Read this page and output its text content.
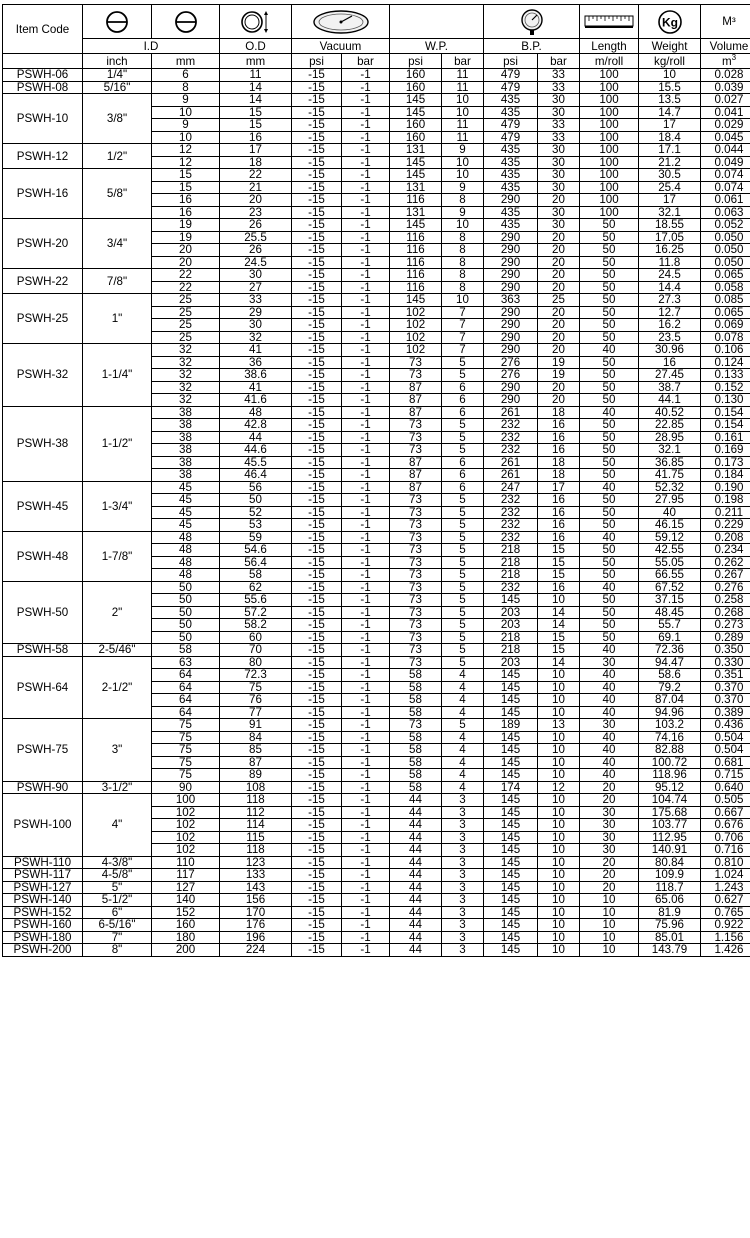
Item Code											Kg	M³
	I.D		O.D	Vacuum		W.P.		B.P.		Length	Weight	Volume
	inch	mm	mm	psi	bar	psi	bar	psi	bar	m/roll	kg/roll	$m^3$
PSWH-06	1/4"	6	11	-15	-1	160	11	479	33	100	10	0.028
PSWH-08	5/16"	8	14	-15	-1	160	11	479	33	100	15.5	0.039
PSWH-10	3/8"	9	14	-15	-1	145	10	435	30	100	13.5	0.027
		10	15	-15	-1	145	10	435	30	100	14.7	0.041
		9	15	-15	-1	160	11	479	33	100	17	0.029
		10	16	-15	-1	160	11	479	33	100	18.4	0.045
PSWH-12	1/2"	12	17	-15	-1	131	9	435	30	100	17.1	0.044
		12	18	-15	-1	145	10	435	30	100	21.2	0.049
PSWH-16	5/8"	15	22	-15	-1	145	10	435	30	100	30.5	0.074
		15	21	-15	-1	131	9	435	30	100	25.4	0.074
		16	20	-15	-1	116	8	290	20	100	17	0.061
		16	23	-15	-1	131	9	435	30	100	32.1	0.063
PSWH-20	3/4"	19	26	-15	-1	145	10	435	30	50	18.55	0.052
		19	25.5	-15	-1	116	8	290	20	50	17.05	0.050
		20	26	-15	-1	116	8	290	20	50	16.25	0.050
		20	24.5	-15	-1	116	8	290	20	50	11.8	0.050
PSWH-22	7/8"	22	30	-15	-1	116	8	290	20	50	24.5	0.065
		22	27	-15	-1	116	8	290	20	50	14.4	0.058
PSWH-25	1"	25	33	-15	-1	145	10	363	25	50	27.3	0.085
		25	29	-15	-1	102	7	290	20	50	12.7	0.065
		25	30	-15	-1	102	7	290	20	50	16.2	0.069
		25	32	-15	-1	102	7	290	20	50	23.5	0.078
PSWH-32	1-1/4"	32	41	-15	-1	102	7	290	20	40	30.96	0.106
		32	36	-15	-1	73	5	276	19	50	16	0.124
		32	38.6	-15	-1	73	5	276	19	50	27.45	0.133
		32	41	-15	-1	87	6	290	20	50	38.7	0.152
		32	41.6	-15	-1	87	6	290	20	50	44.1	0.130
PSWH-38	1-1/2"	38	48	-15	-1	87	6	261	18	40	40.52	0.154
		38	42.8	-15	-1	73	5	232	16	50	22.85	0.154
		38	44	-15	-1	73	5	232	16	50	28.95	0.161
		38	44.6	-15	-1	73	5	232	16	50	32.1	0.169
		38	45.5	-15	-1	87	6	261	18	50	36.85	0.173
		38	46.4	-15	-1	87	6	261	18	50	41.75	0.184
PSWH-45	1-3/4"	45	56	-15	-1	87	6	247	17	40	52.32	0.190
		45	50	-15	-1	73	5	232	16	50	27.95	0.198
		45	52	-15	-1	73	5	232	16	50	40	0.211
		45	53	-15	-1	73	5	232	16	50	46.15	0.229
PSWH-48	1-7/8"	48	59	-15	-1	73	5	232	16	40	59.12	0.208
		48	54.6	-15	-1	73	5	218	15	50	42.55	0.234
		48	56.4	-15	-1	73	5	218	15	50	55.05	0.262
		48	58	-15	-1	73	5	218	15	50	66.55	0.267
PSWH-50	2"	50	62	-15	-1	73	5	232	16	40	67.52	0.276
		50	55.6	-15	-1	73	5	145	10	50	37.15	0.258
		50	57.2	-15	-1	73	5	203	14	50	48.45	0.268
		50	58.2	-15	-1	73	5	203	14	50	55.7	0.273
		50	60	-15	-1	73	5	218	15	50	69.1	0.289
PSWH-58	2-5/46"	58	70	-15	-1	73	5	218	15	40	72.36	0.350
PSWH-64	2-1/2"	63	80	-15	-1	73	5	203	14	30	94.47	0.330
		64	72.3	-15	-1	58	4	145	10	40	58.6	0.351
		64	75	-15	-1	58	4	145	10	40	79.2	0.370
		64	76	-15	-1	58	4	145	10	40	87.04	0.370
		64	77	-15	-1	58	4	145	10	40	94.96	0.389
PSWH-75	3"	75	91	-15	-1	73	5	189	13	30	103.2	0.436
		75	84	-15	-1	58	4	145	10	40	74.16	0.504
		75	85	-15	-1	58	4	145	10	40	82.88	0.504
		75	87	-15	-1	58	4	145	10	40	100.72	0.681
		75	89	-15	-1	58	4	145	10	40	118.96	0.715
PSWH-90	3-1/2"	90	108	-15	-1	58	4	174	12	20	95.12	0.640
PSWH-100	4"	100	118	-15	-1	44	3	145	10	20	104.74	0.505
		102	112	-15	-1	44	3	145	10	30	175.68	0.667
		102	114	-15	-1	44	3	145	10	30	103.77	0.676
		102	115	-15	-1	44	3	145	10	30	112.95	0.706
		102	118	-15	-1	44	3	145	10	30	140.91	0.716
PSWH-110	4-3/8"	110	123	-15	-1	44	3	145	10	20	80.84	0.810
PSWH-117	4-5/8"	117	133	-15	-1	44	3	145	10	20	109.9	1.024
PSWH-127	5"	127	143	-15	-1	44	3	145	10	20	118.7	1.243
PSWH-140	5-1/2"	140	156	-15	-1	44	3	145	10	10	65.06	0.627
PSWH-152	6"	152	170	-15	-1	44	3	145	10	10	81.9	0.765
PSWH-160	6-5/16"	160	176	-15	-1	44	3	145	10	10	75.96	0.922
PSWH-180	7"	180	196	-15	-1	44	3	145	10	10	85.01	1.156
PSWH-200	8"	200	224	-15	-1	44	3	145	10	10	143.79	1.426
